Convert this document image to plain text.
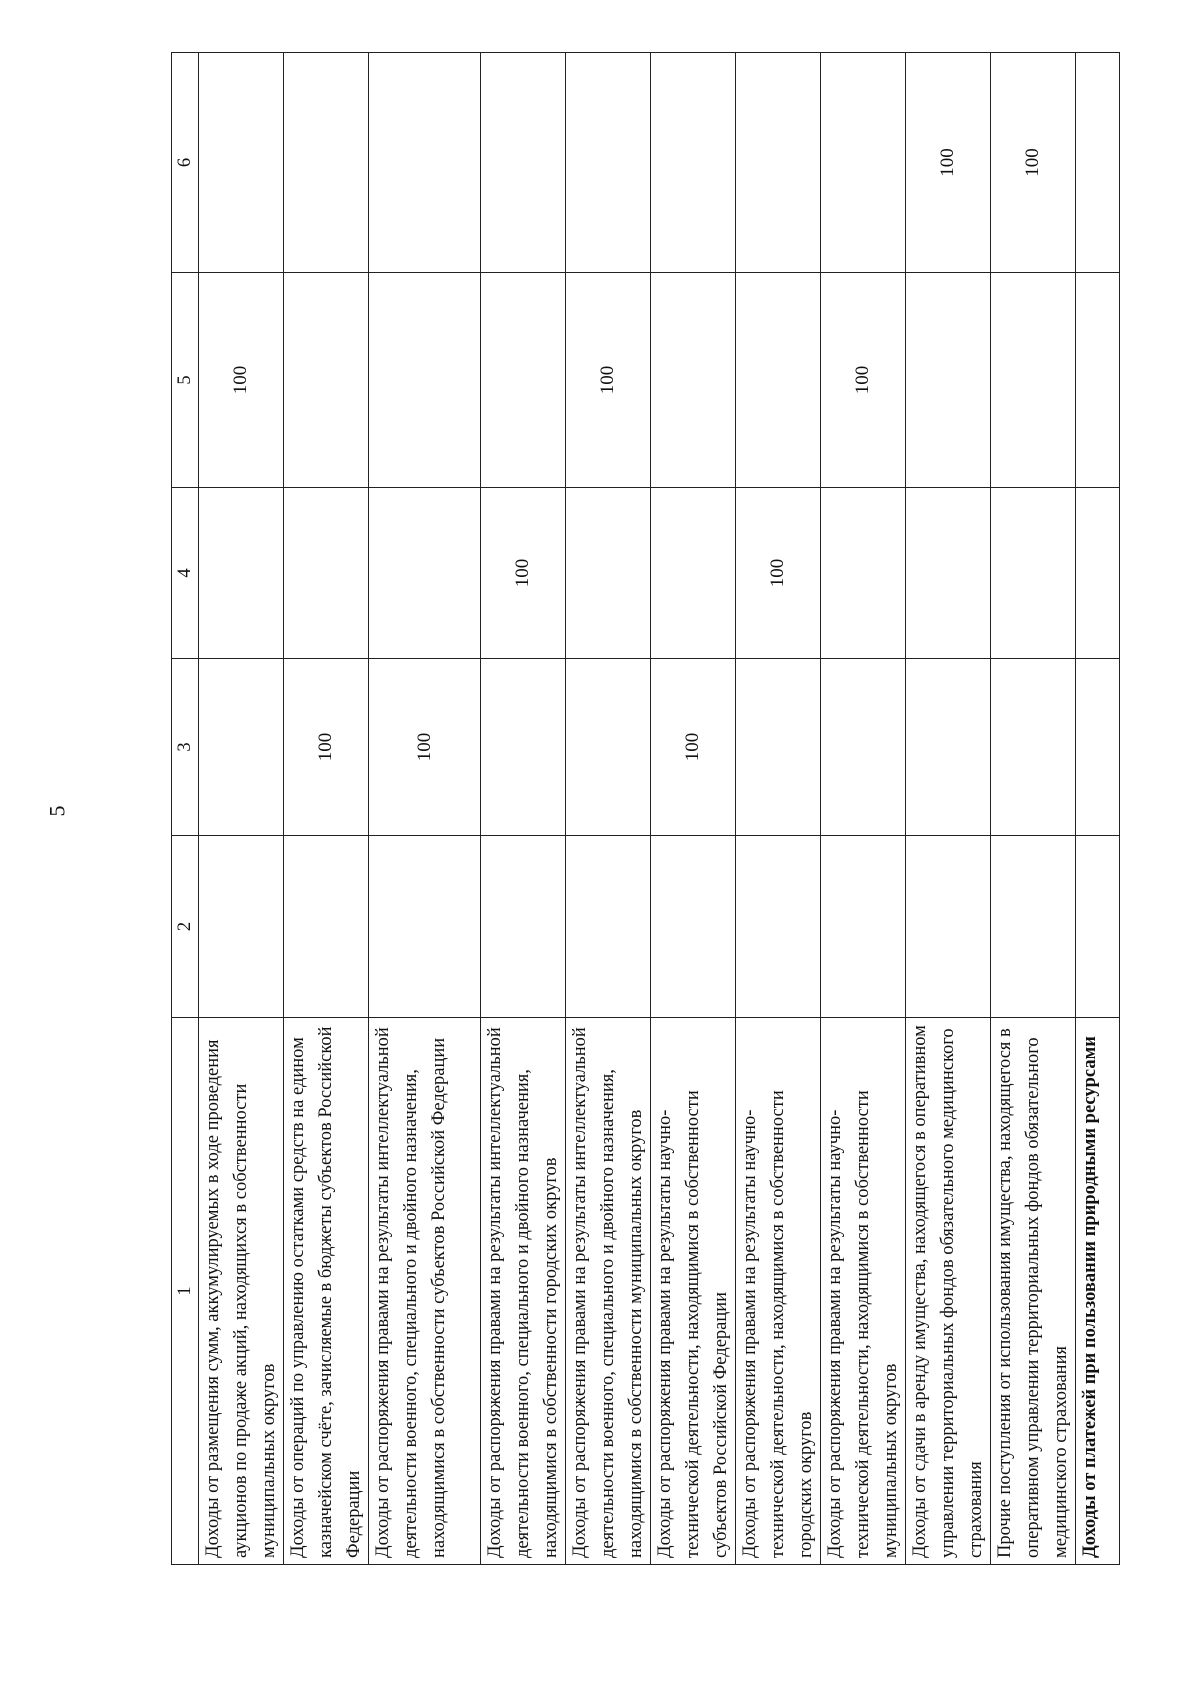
5
1	2	3	4	5	6
Доходы от размещения сумм, аккумулируемых в ходе проведения аукционов по продаже акций, находящихся в собственности муниципальных округов				100	
Доходы от операций по управлению остатками средств на едином казначейском счёте, зачисляемые в бюджеты субъектов Российской Федерации		100			
Доходы от распоряжения правами на результаты интеллектуальной деятельности военного, специального и двойного назначения, находящимися в собственности субъектов Российской Федерации		100			
Доходы от распоряжения правами на результаты интеллектуальной деятельности военного, специального и двойного назначения, находящимися в собственности городских округов			100		
Доходы от распоряжения правами на результаты интеллектуальной деятельности военного, специального и двойного назначения, находящимися в собственности муниципальных округов				100	
Доходы от распоряжения правами на результаты научно-технической деятельности, находящимися в собственности субъектов Российской Федерации		100			
Доходы от распоряжения правами на результаты научно-технической деятельности, находящимися в собственности городских округов			100		
Доходы от распоряжения правами на результаты научно-технической деятельности, находящимися в собственности муниципальных округов				100	
Доходы от сдачи в аренду имущества, находящегося в оперативном управлении территориальных фондов обязательного медицинского страхования					100
Прочие поступления от использования имущества, находящегося в оперативном управлении территориальных фондов обязательного медицинского страхования					100
Доходы от платежей при пользовании природными ресурсами					
